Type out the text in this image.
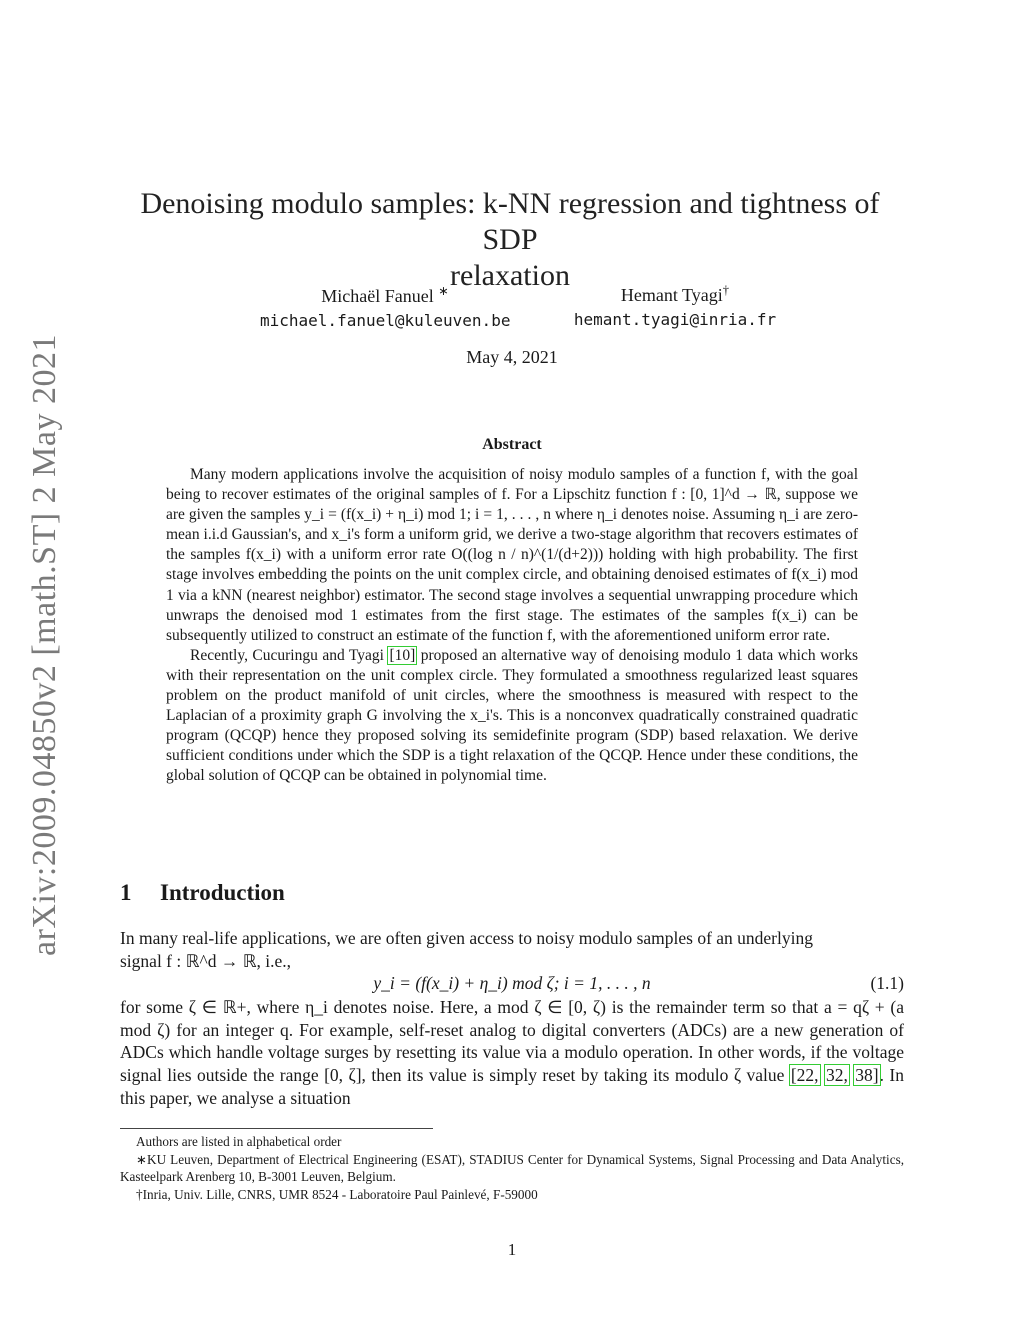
arXiv:2009.04850v2 [math.ST] 2 May 2021
Denoising modulo samples: k-NN regression and tightness of SDP
relaxation
Michaël Fanuel ∗
michael.fanuel@kuleuven.be
Hemant Tyagi†
hemant.tyagi@inria.fr
May 4, 2021
Abstract

Many modern applications involve the acquisition of noisy modulo samples of a function f, with the goal being to recover estimates of the original samples of f. For a Lipschitz function f : [0, 1]^d → ℝ, suppose we are given the samples y_i = (f(x_i) + η_i) mod 1; i = 1, . . . , n where η_i denotes noise. Assuming η_i are zero-mean i.i.d Gaussian's, and x_i's form a uniform grid, we derive a two-stage algorithm that recovers estimates of the samples f(x_i) with a uniform error rate O((log n / n)^(1/(d+2))) holding with high probability. The first stage involves embedding the points on the unit complex circle, and obtaining denoised estimates of f(x_i) mod 1 via a kNN (nearest neighbor) estimator. The second stage involves a sequential unwrapping procedure which unwraps the denoised mod 1 estimates from the first stage. The estimates of the samples f(x_i) can be subsequently utilized to construct an estimate of the function f, with the aforementioned uniform error rate.

Recently, Cucuringu and Tyagi [10] proposed an alternative way of denoising modulo 1 data which works with their representation on the unit complex circle. They formulated a smoothness regularized least squares problem on the product manifold of unit circles, where the smoothness is measured with respect to the Laplacian of a proximity graph G involving the x_i's. This is a nonconvex quadratically constrained quadratic program (QCQP) hence they proposed solving its semidefinite program (SDP) based relaxation. We derive sufficient conditions under which the SDP is a tight relaxation of the QCQP. Hence under these conditions, the global solution of QCQP can be obtained in polynomial time.

1 Introduction

In many real-life applications, we are often given access to noisy modulo samples of an underlying

signal f : ℝ^d → ℝ, i.e.,

y_i = (f(x_i) + η_i) mod ζ; i = 1, . . . , n	(1.1)

for some ζ ∈ ℝ+, where η_i denotes noise. Here, a mod ζ ∈ [0, ζ) is the remainder term so that a = qζ + (a mod ζ) for an integer q. For example, self-reset analog to digital converters (ADCs) are a new generation of ADCs which handle voltage surges by resetting its value via a modulo operation. In other words, if the voltage signal lies outside the range [0, ζ], then its value is simply reset by taking its modulo ζ value [22, 32, 38]. In this paper, we analyse a situation

Authors are listed in alphabetical order

∗KU Leuven, Department of Electrical Engineering (ESAT), STADIUS Center for Dynamical Systems, Signal Processing and Data Analytics, Kasteelpark Arenberg 10, B-3001 Leuven, Belgium.

†Inria, Univ. Lille, CNRS, UMR 8524 - Laboratoire Paul Painlevé, F-59000

1
